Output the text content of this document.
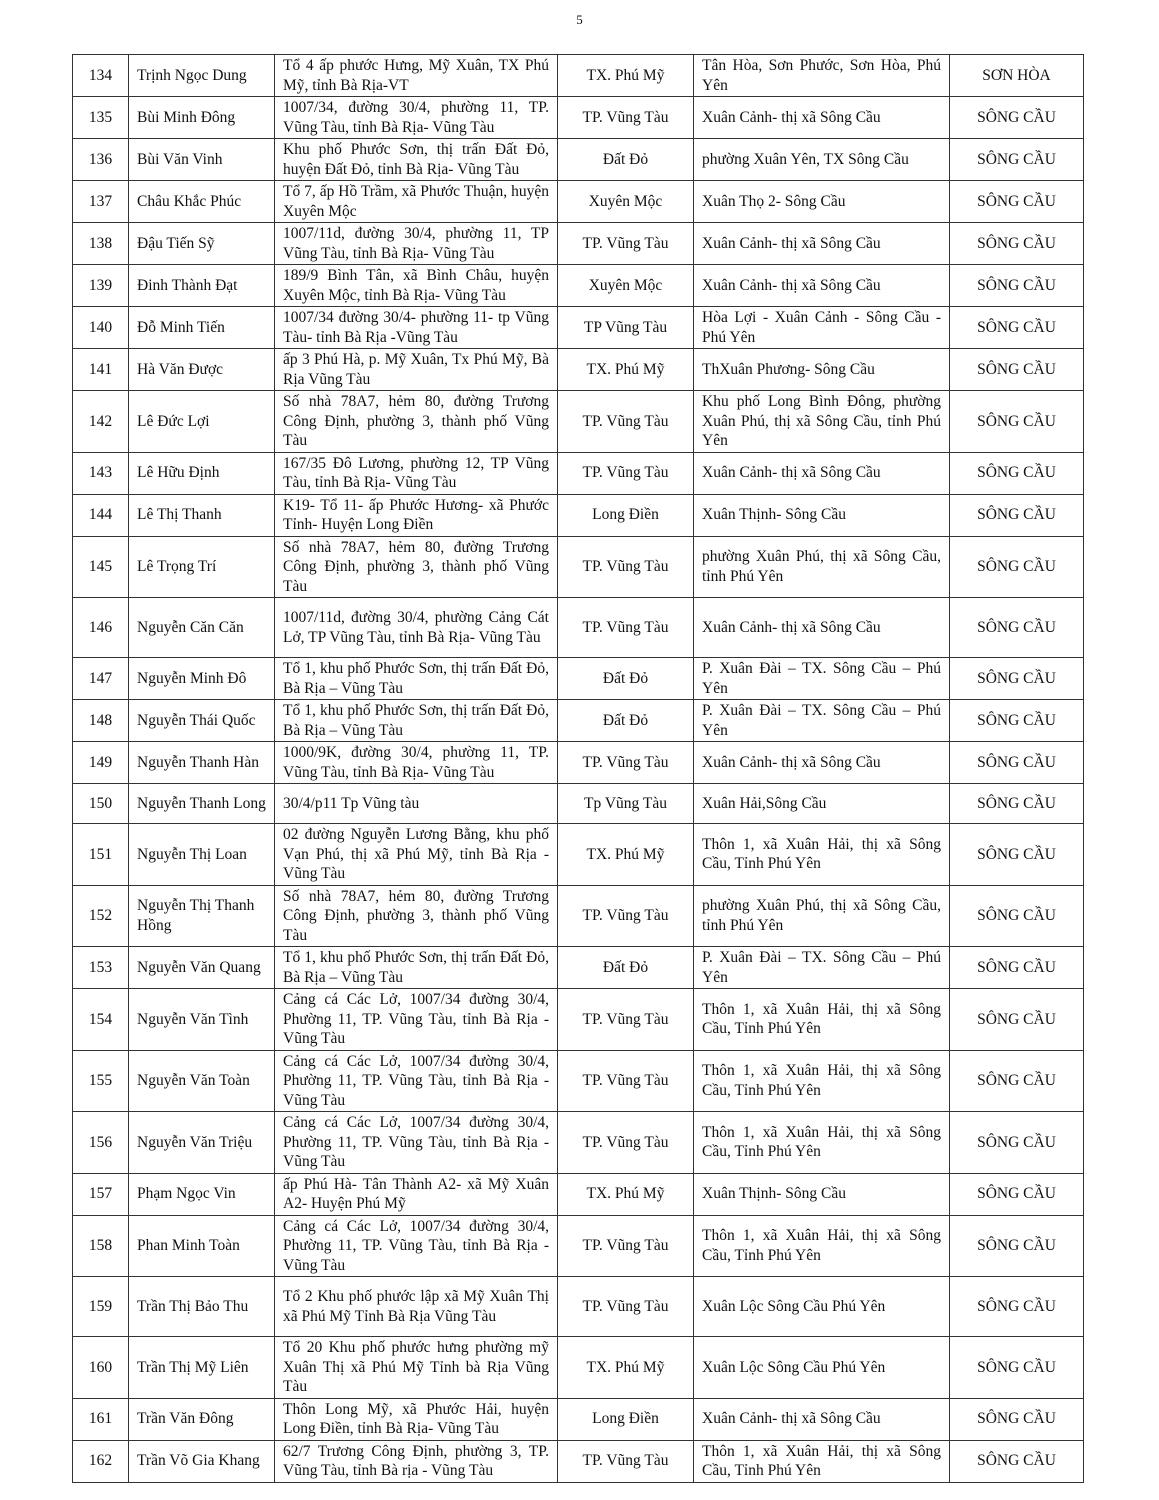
5
134	Trịnh Ngọc Dung	Tổ 4 ấp phước Hưng, Mỹ Xuân, TX Phú Mỹ, tỉnh Bà Rịa-VT	TX. Phú Mỹ	Tân Hòa, Sơn Phước, Sơn Hòa, Phú Yên	SƠN HÒA
135	Bùi Minh Đông	1007/34, đường 30/4, phường 11, TP. Vũng Tàu, tỉnh Bà Rịa- Vũng Tàu	TP. Vũng Tàu	Xuân Cảnh- thị xã Sông Cầu	SÔNG CẦU
136	Bùi Văn Vinh	Khu phố Phước Sơn, thị trấn Đất Đỏ, huyện Đất Đỏ, tỉnh Bà Rịa- Vũng Tàu	Đất Đỏ	phường Xuân Yên, TX Sông Cầu	SÔNG CẦU
137	Châu Khắc Phúc	Tổ 7, ấp Hồ Trầm, xã Phước Thuận, huyện Xuyên Mộc	Xuyên Mộc	Xuân Thọ 2- Sông Cầu	SÔNG CẦU
138	Đậu Tiến Sỹ	1007/11d, đường 30/4, phường 11, TP Vũng Tàu, tỉnh Bà Rịa- Vũng Tàu	TP. Vũng Tàu	Xuân Cảnh- thị xã Sông Cầu	SÔNG CẦU
139	Đinh Thành Đạt	189/9 Bình Tân, xã Bình Châu, huyện Xuyên Mộc, tỉnh Bà Rịa- Vũng Tàu	Xuyên Mộc	Xuân Cảnh- thị xã Sông Cầu	SÔNG CẦU
140	Đỗ Minh Tiến	1007/34 đường 30/4- phường 11- tp Vũng Tàu- tỉnh Bà Rịa -Vũng Tàu	TP Vũng Tàu	Hòa Lợi - Xuân Cảnh - Sông Cầu - Phú Yên	SÔNG CẦU
141	Hà Văn Được	ấp 3 Phú Hà, p. Mỹ Xuân, Tx Phú Mỹ, Bà Rịa Vũng Tàu	TX. Phú Mỹ	ThXuân Phương- Sông Cầu	SÔNG CẦU
142	Lê Đức Lợi	Số nhà 78A7, hẻm 80, đường Trương Công Định, phường 3, thành phố Vũng Tàu	TP. Vũng Tàu	Khu phố Long Bình Đông, phường Xuân Phú, thị xã Sông Cầu, tỉnh Phú Yên	SÔNG CẦU
143	Lê Hữu Định	167/35 Đô Lương, phường 12, TP Vũng Tàu, tỉnh Bà Rịa- Vũng Tàu	TP. Vũng Tàu	Xuân Cảnh- thị xã Sông Cầu	SÔNG CẦU
144	Lê Thị Thanh	K19- Tổ 11- ấp Phước Hương- xã Phước Tỉnh- Huyện Long Điền	Long Điền	Xuân Thịnh- Sông Cầu	SÔNG CẦU
145	Lê Trọng Trí	Số nhà 78A7, hẻm 80, đường Trương Công Định, phường 3, thành phố Vũng Tàu	TP. Vũng Tàu	phường Xuân Phú, thị xã Sông Cầu, tỉnh Phú Yên	SÔNG CẦU
146	Nguyễn Căn Căn	1007/11d, đường 30/4, phường Cảng Cát Lở, TP Vũng Tàu, tỉnh Bà Rịa- Vũng Tàu	TP. Vũng Tàu	Xuân Cảnh- thị xã Sông Cầu	SÔNG CẦU
147	Nguyễn Minh Đô	Tổ 1, khu phố Phước Sơn, thị trấn Đất Đỏ, Bà Rịa – Vũng Tàu	Đất Đỏ	P. Xuân Đài – TX. Sông Cầu – Phú Yên	SÔNG CẦU
148	Nguyễn Thái Quốc	Tổ 1, khu phố Phước Sơn, thị trấn Đất Đỏ, Bà Rịa – Vũng Tàu	Đất Đỏ	P. Xuân Đài – TX. Sông Cầu – Phú Yên	SÔNG CẦU
149	Nguyễn Thanh Hàn	1000/9K, đường 30/4, phường 11, TP. Vũng Tàu, tỉnh Bà Rịa- Vũng Tàu	TP. Vũng Tàu	Xuân Cảnh- thị xã Sông Cầu	SÔNG CẦU
150	Nguyễn Thanh Long	30/4/p11 Tp Vũng tàu	Tp Vũng Tàu	Xuân Hải,Sông Cầu	SÔNG CẦU
151	Nguyễn Thị Loan	02 đường Nguyễn Lương Bằng, khu phố Vạn Phú, thị xã Phú Mỹ, tỉnh Bà Rịa - Vũng Tàu	TX. Phú Mỹ	Thôn 1, xã Xuân Hải, thị xã Sông Cầu, Tỉnh Phú Yên	SÔNG CẦU
152	Nguyễn Thị Thanh Hồng	Số nhà 78A7, hẻm 80, đường Trương Công Định, phường 3, thành phố Vũng Tàu	TP. Vũng Tàu	phường Xuân Phú, thị xã Sông Cầu, tỉnh Phú Yên	SÔNG CẦU
153	Nguyễn Văn Quang	Tổ 1, khu phố Phước Sơn, thị trấn Đất Đỏ, Bà Rịa – Vũng Tàu	Đất Đỏ	P. Xuân Đài – TX. Sông Cầu – Phú Yên	SÔNG CẦU
154	Nguyễn Văn Tình	Cảng cá Các Lở, 1007/34 đường 30/4, Phường 11, TP. Vũng Tàu, tỉnh Bà Rịa - Vũng Tàu	TP. Vũng Tàu	Thôn 1, xã Xuân Hải, thị xã Sông Cầu, Tỉnh Phú Yên	SÔNG CẦU
155	Nguyễn Văn Toàn	Cảng cá Các Lở, 1007/34 đường 30/4, Phường 11, TP. Vũng Tàu, tỉnh Bà Rịa - Vũng Tàu	TP. Vũng Tàu	Thôn 1, xã Xuân Hải, thị xã Sông Cầu, Tỉnh Phú Yên	SÔNG CẦU
156	Nguyễn Văn Triệu	Cảng cá Các Lở, 1007/34 đường 30/4, Phường 11, TP. Vũng Tàu, tỉnh Bà Rịa - Vũng Tàu	TP. Vũng Tàu	Thôn 1, xã Xuân Hải, thị xã Sông Cầu, Tỉnh Phú Yên	SÔNG CẦU
157	Phạm Ngọc Vin	ấp Phú Hà- Tân Thành A2- xã Mỹ Xuân A2- Huyện Phú Mỹ	TX. Phú Mỹ	Xuân Thịnh- Sông Cầu	SÔNG CẦU
158	Phan Minh Toàn	Cảng cá Các Lở, 1007/34 đường 30/4, Phường 11, TP. Vũng Tàu, tỉnh Bà Rịa - Vũng Tàu	TP. Vũng Tàu	Thôn 1, xã Xuân Hải, thị xã Sông Cầu, Tỉnh Phú Yên	SÔNG CẦU
159	Trần Thị Bảo Thu	Tổ 2 Khu phố phước lập xã Mỹ Xuân Thị xã Phú Mỹ Tỉnh Bà Rịa Vũng Tàu	TP. Vũng Tàu	Xuân Lộc Sông Cầu Phú Yên	SÔNG CẦU
160	Trần Thị Mỹ Liên	Tổ 20 Khu phố phước hưng phường mỹ Xuân Thị xã Phú Mỹ Tỉnh bà Rịa Vũng Tàu	TX. Phú Mỹ	Xuân Lộc Sông Cầu Phú Yên	SÔNG CẦU
161	Trần Văn Đông	Thôn Long Mỹ, xã Phước Hải, huyện Long Điền, tỉnh Bà Rịa- Vũng Tàu	Long Điền	Xuân Cảnh- thị xã Sông Cầu	SÔNG CẦU
162	Trần Võ Gia Khang	62/7 Trương Công Định, phường 3, TP. Vũng Tàu, tỉnh Bà rịa - Vũng Tàu	TP. Vũng Tàu	Thôn 1, xã Xuân Hải, thị xã Sông Cầu, Tỉnh Phú Yên	SÔNG CẦU
